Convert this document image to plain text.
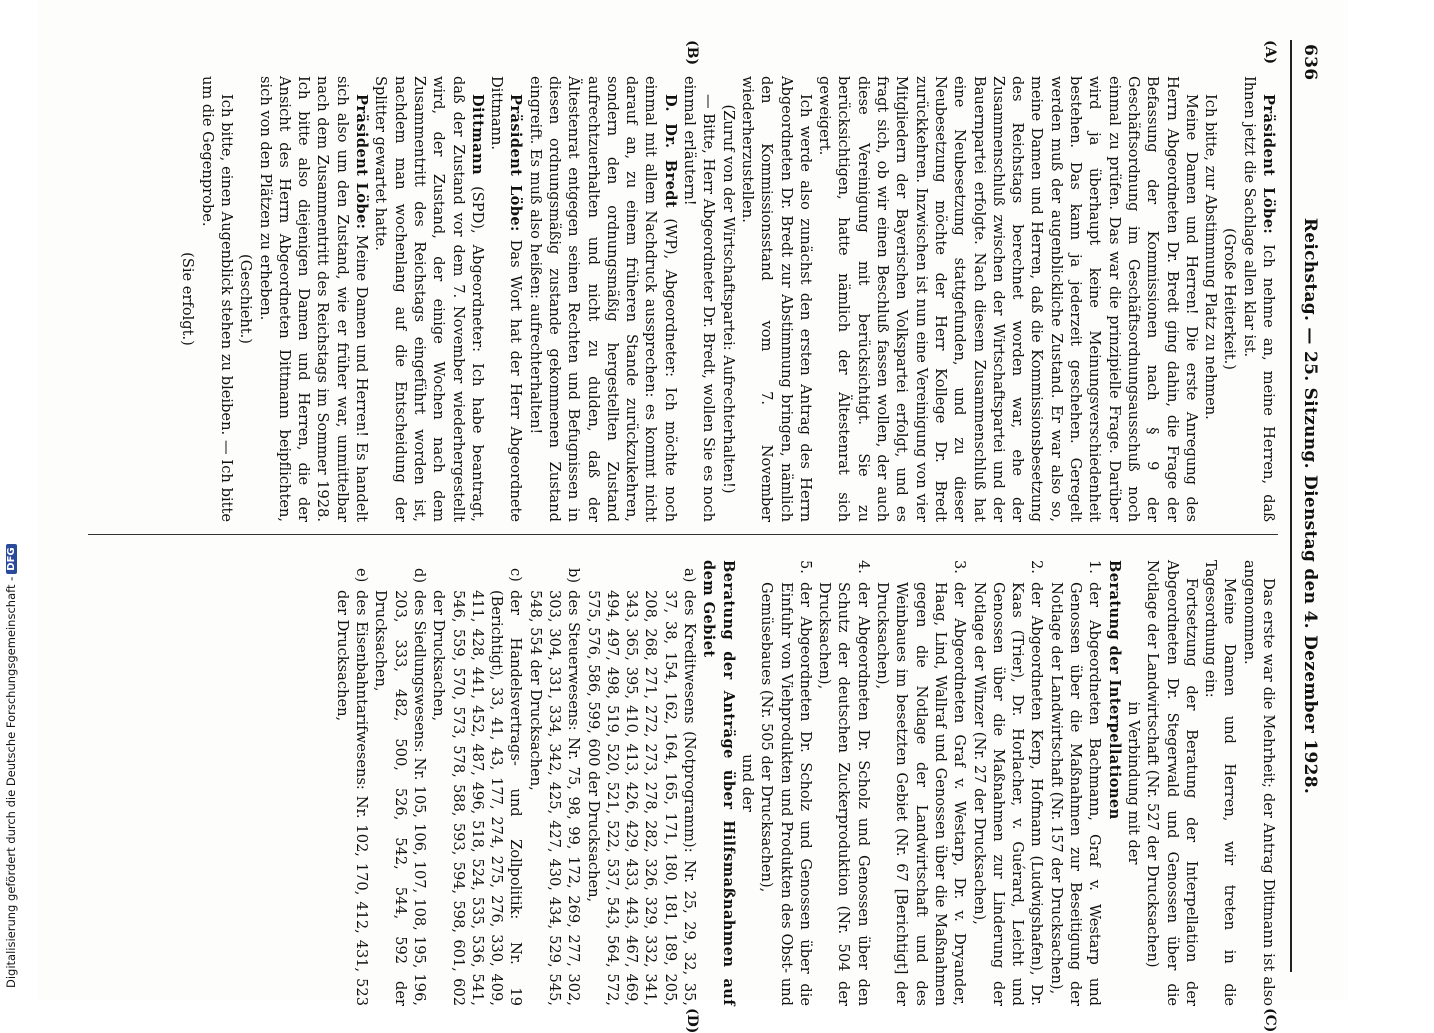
Digitalisierung gefördert durch die Deutsche Forschungsgemeinschaft -
DFG
636
Reichstag. — 25. Sitzung. Dienstag den 4. Dezember 1928.
(A)
(B)
(C)
(D)

Präsident Löbe: Ich nehme an, meine Herren, daß Ihnen jetzt die Sachlage allen klar ist.

(Große Heiterkeit.)

Ich bitte, zur Abstimmung Platz zu nehmen.

Meine Damen und Herren! Die erste Anregung des Herrn Abgeordneten Dr. Bredt ging dahin, die Frage der Befassung der Kommissionen nach § 9 der Geschäftsordnung im Geschäftsordnungsausschuß noch einmal zu prüfen. Das war die prinzipielle Frage. Darüber wird ja überhaupt keine Meinungsverschiedenheit bestehen. Das kann ja jederzeit geschehen. Geregelt werden muß der augenblickliche Zustand. Er war also so, meine Damen und Herren, daß die Kommissionsbesetzung des Reichstags berechnet worden war, ehe der Zusammenschluß zwischen der Wirtschaftspartei und der Bauernpartei erfolgte. Nach diesem Zusammenschluß hat eine Neubesetzung stattgefunden, und zu dieser Neubesetzung möchte der Herr Kollege Dr. Bredt zurückkehren. Inzwischen ist nun eine Vereinigung von vier Mitgliedern der Bayerischen Volkspartei erfolgt, und es fragt sich, ob wir einen Beschluß fassen wollen, der auch diese Vereinigung mit berücksichtigt. Sie zu berücksichtigen, hatte nämlich der Ältestenrat sich geweigert.

Ich werde also zunächst den ersten Antrag des Herrn Abgeordneten Dr. Bredt zur Abstimmung bringen, nämlich den Kommissionsstand vom 7. November wiederherzustellen.

(Zuruf von der Wirtschaftspartei: Aufrechterhalten!)

— Bitte, Herr Abgeordneter Dr. Bredt, wollen Sie es noch einmal erläutern!

D. Dr. Bredt (WP), Abgeordneter: Ich möchte noch einmal mit allem Nachdruck aussprechen: es kommt nicht darauf an, zu einem früheren Stande zurückzukehren, sondern den ordnungsmäßig hergestellten Zustand aufrechtzuerhalten und nicht zu dulden, daß der Ältestenrat entgegen seinen Rechten und Befugnissen in diesen ordnungsmäßig zustande gekommenen Zustand eingreift. Es muß also heißen: aufrechterhalten!

Präsident Löbe: Das Wort hat der Herr Abgeordnete Dittmann.

Dittmann (SPD), Abgeordneter: Ich habe beantragt, daß der Zustand vor dem 7. November wiederhergestellt wird, der Zustand, der einige Wochen nach dem Zusammentritt des Reichstags eingeführt worden ist, nachdem man wochenlang auf die Entscheidung der Splitter gewartet hatte.

Präsident Löbe: Meine Damen und Herren! Es handelt sich also um den Zustand, wie er früher war, unmittelbar nach dem Zusammentritt des Reichstags im Sommer 1928. Ich bitte also diejenigen Damen und Herren, die der Ansicht des Herrn Abgeordneten Dittmann beipflichten, sich von den Plätzen zu erheben.

(Geschieht.)

Ich bitte, einen Augenblick stehen zu bleiben. — Ich bitte um die Gegenprobe.

(Sie erfolgt.)

Das erste war die Mehrheit; der Antrag Dittmann ist also angenommen.

Meine Damen und Herren, wir treten in die Tagesordnung ein:

Fortsetzung der Beratung der Interpellation der Abgeordneten Dr. Stegerwald und Genossen über die Notlage der Landwirtschaft (Nr. 527 der Drucksachen)

in Verbindung mit der

Beratung der Interpellationen

1.
der Abgeordneten Bachmann, Graf v. Westarp und Genossen über die Maßnahmen zur Beseitigung der Notlage der Landwirtschaft (Nr. 157 der Drucksachen),

2.
der Abgeordneten Kerp, Hofmann (Ludwigshafen), Dr. Kaas (Trier), Dr. Horlacher, v. Guérard, Leicht und Genossen über die Maßnahmen zur Linderung der Notlage der Winzer (Nr. 27 der Drucksachen),

3.
der Abgeordneten Graf v. Westarp, Dr. v. Dryander, Haag, Lind, Wallraf und Genossen über die Maßnahmen gegen die Notlage der Landwirtschaft und des Weinbaues im besetzten Gebiet (Nr. 67 [Berichtigt] der Drucksachen),

4.
der Abgeordneten Dr. Scholz und Genossen über den Schutz der deutschen Zuckerproduktion (Nr. 504 der Drucksachen),

5.
der Abgeordneten Dr. Scholz und Genossen über die Einfuhr von Viehprodukten und Produkten des Obst- und Gemüsebaues (Nr. 505 der Drucksachen),

und der

Beratung der Anträge über Hilfsmaßnahmen auf dem Gebiet

a)
des Kreditwesens (Notprogramm): Nr. 25, 29, 32, 35, 37, 38, 154, 162, 164, 165, 171, 180, 181, 189, 205, 208, 268, 271, 272, 273, 278, 282, 326, 329, 332, 341, 343, 365, 395, 410, 413, 426, 429, 433, 443, 467, 469, 494, 497, 498, 519, 520, 521, 522, 537, 543, 564, 572, 575, 576, 586, 599, 600 der Drucksachen,

b)
des Steuerwesens: Nr. 75, 98, 99, 172, 269, 277, 302, 303, 304, 331, 334, 342, 425, 427, 430, 434, 529, 545, 548, 554 der Drucksachen,

c)
der Handelsvertrags- und Zollpolitik: Nr. 19 (Berichtigt), 33, 41, 43, 177, 274, 275, 276, 330, 409, 411, 428, 441, 452, 487, 496, 518, 524, 535, 536, 541, 546, 559, 570, 573, 578, 588, 593, 594, 598, 601, 602 der Drucksachen,

d)
des Siedlungswesens: Nr. 105, 106, 107, 108, 195, 196, 203, 333, 482, 500, 526, 542, 544, 592 der Drucksachen,

e)
des Eisenbahntarifwesens: Nr. 102, 170, 412, 431, 523 der Drucksachen,
